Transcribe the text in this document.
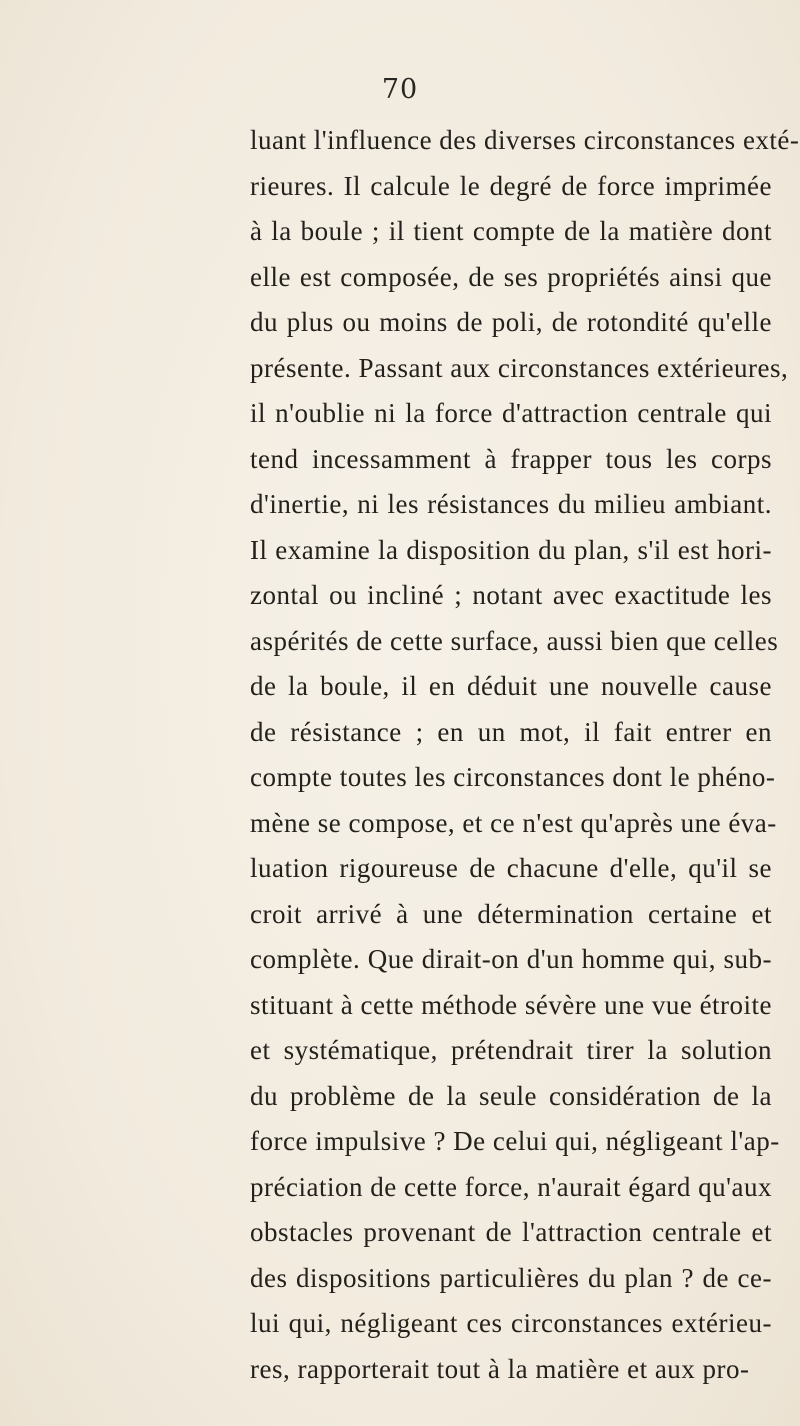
70
luant l'influence des diverses circonstances exté-
rieures. Il calcule le degré de force imprimée
à la boule ; il tient compte de la matière dont
elle est composée, de ses propriétés ainsi que
du plus ou moins de poli, de rotondité qu'elle
présente. Passant aux circonstances extérieures,
il n'oublie ni la force d'attraction centrale qui
tend incessamment à frapper tous les corps
d'inertie, ni les résistances du milieu ambiant.
Il examine la disposition du plan, s'il est hori-
zontal ou incliné ; notant avec exactitude les
aspérités de cette surface, aussi bien que celles
de la boule, il en déduit une nouvelle cause
de résistance ; en un mot, il fait entrer en
compte toutes les circonstances dont le phéno-
mène se compose, et ce n'est qu'après une éva-
luation rigoureuse de chacune d'elle, qu'il se
croit arrivé à une détermination certaine et
complète. Que dirait-on d'un homme qui, sub-
stituant à cette méthode sévère une vue étroite
et systématique, prétendrait tirer la solution
du problème de la seule considération de la
force impulsive ? De celui qui, négligeant l'ap-
préciation de cette force, n'aurait égard qu'aux
obstacles provenant de l'attraction centrale et
des dispositions particulières du plan ? de ce-
lui qui, négligeant ces circonstances extérieu-
res, rapporterait tout à la matière et aux pro-
